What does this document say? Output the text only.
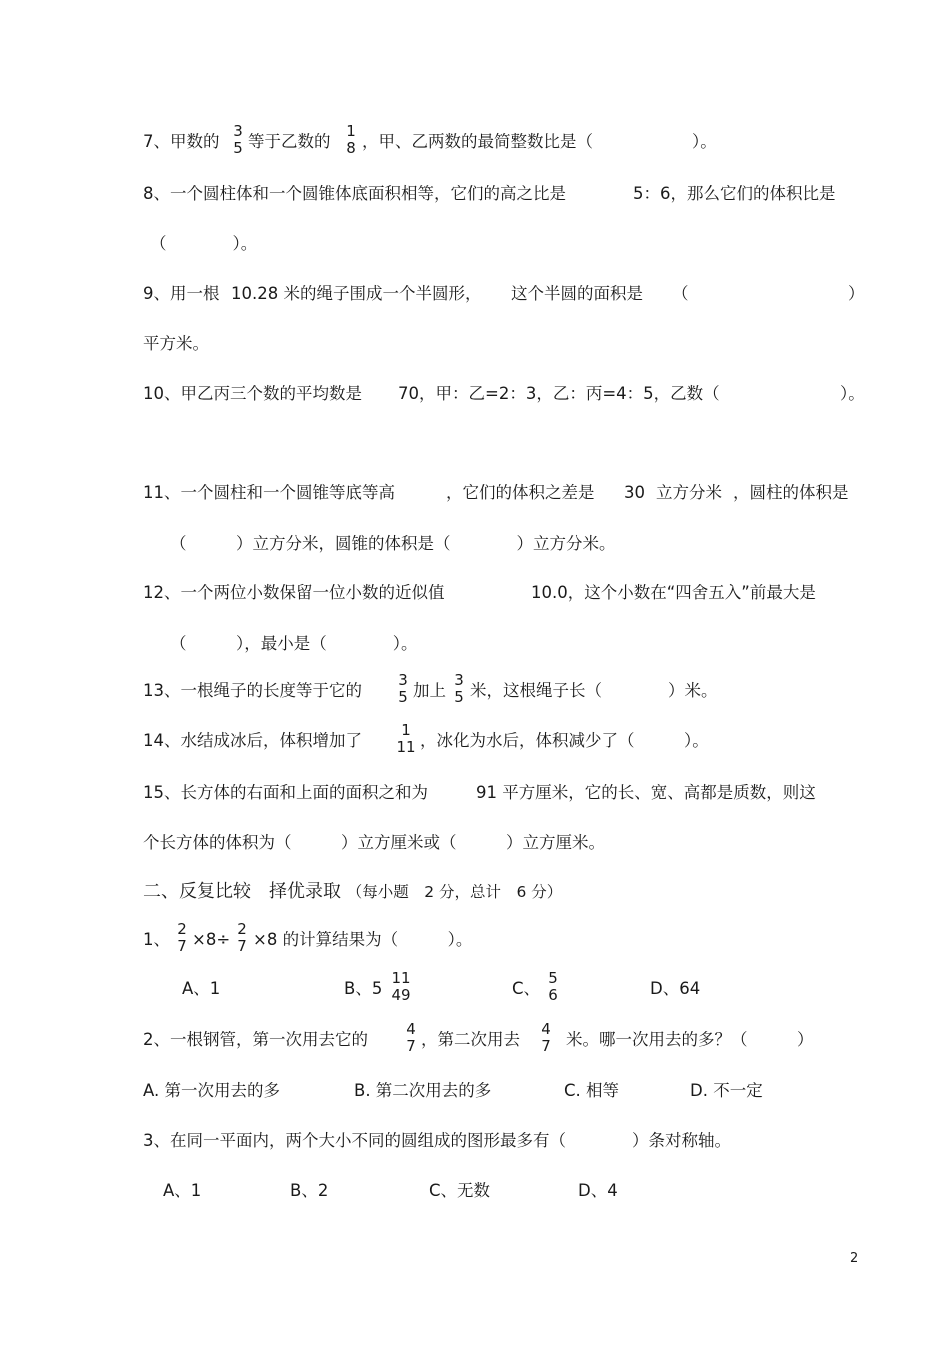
7、甲数的
3
5 等于乙数的
1
8 ，甲、乙两数的最简整数比是（　　　　　　）。
8、一个圆柱体和一个圆锥体底面积相等，它们的高之比是	5：6，那么它们的体积比是
（　　　　）。
9、用一根 10.28 米的绳子围成一个半圆形， 这个半圆的面积是 （	）
平方米。
10、甲乙丙三个数的平均数是 70，甲：乙=2：3，乙：丙=4：5，乙数（	）。
11、一个圆柱和一个圆锥等底等高	，它们的体积之差是 30 立方分米 ，圆柱的体积是
（　　　）立方分米，圆锥的体积是（　　　　）立方分米。
12、一个两位小数保留一位小数的近似值	10.0，这个小数在“四舍五入”前最大是
（　　　），最小是（　　　　）。
13、一根绳子的长度等于它的
3
5 加上
3
5 米，这根绳子长（　　　　）米。
14、水结成冰后，体积增加了
1
11 ，冰化为水后，体积减少了（　　　）。
15、长方体的右面和上面的面积之和为	91 平方厘米，它的长、宽、高都是质数，则这
个长方体的体积为（　　　）立方厘米或（　　　）立方厘米。
二、反复比较　择优录取 （每小题　2 分，总计　6 分）
1、
2
7 ×8÷
2
7 ×8 的计算结果为（　　　）。
A、1	B、5
11
49	C、
5
6	D、64
2、一根钢管，第一次用去它的
4
7 ，第二次用去
4
7 米。哪一次用去的多？（　　　）
A. 第一次用去的多	B. 第二次用去的多	C. 相等	D. 不一定
3、在同一平面内，两个大小不同的圆组成的图形最多有（　　　　）条对称轴。
A、1	B、2	C、无数	D、4
2
